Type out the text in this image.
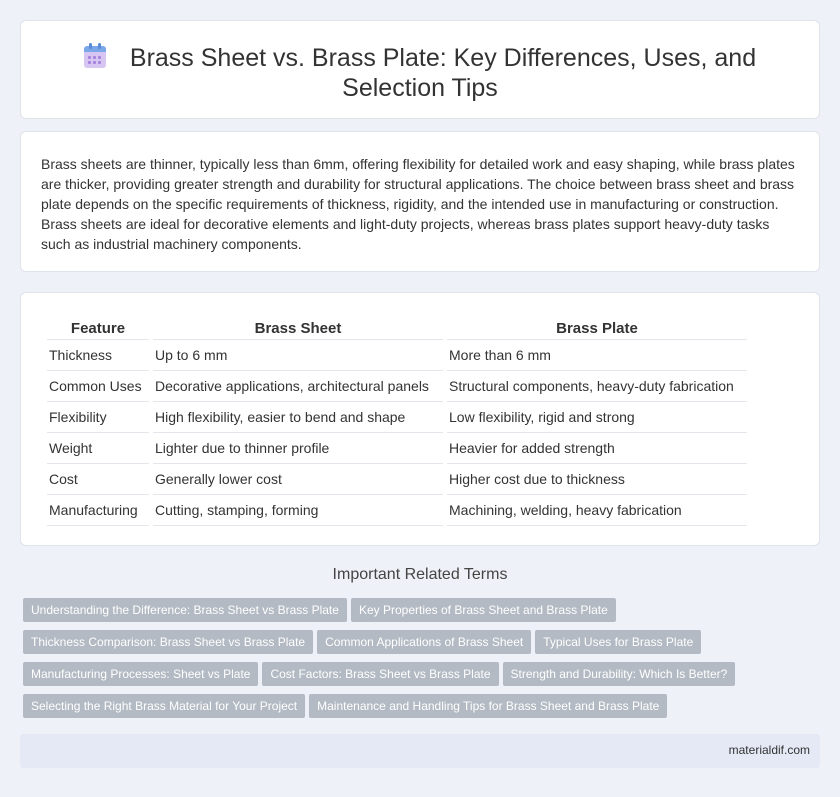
Brass Sheet vs. Brass Plate: Key Differences, Uses, and Selection Tips

Brass sheets are thinner, typically less than 6mm, offering flexibility for detailed work and easy shaping, while brass plates are thicker, providing greater strength and durability for structural applications. The choice between brass sheet and brass plate depends on the specific requirements of thickness, rigidity, and the intended use in manufacturing or construction. Brass sheets are ideal for decorative elements and light-duty projects, whereas brass plates support heavy-duty tasks such as industrial machinery components.

Feature	Brass Sheet	Brass Plate
Thickness	Up to 6 mm	More than 6 mm
Common Uses	Decorative applications, architectural panels	Structural components, heavy-duty fabrication
Flexibility	High flexibility, easier to bend and shape	Low flexibility, rigid and strong
Weight	Lighter due to thinner profile	Heavier for added strength
Cost	Generally lower cost	Higher cost due to thickness
Manufacturing	Cutting, stamping, forming	Machining, welding, heavy fabrication
Important Related Terms
Understanding the Difference: Brass Sheet vs Brass Plate Key Properties of Brass Sheet and Brass Plate
Thickness Comparison: Brass Sheet vs Brass Plate Common Applications of Brass Sheet Typical Uses for Brass Plate
Manufacturing Processes: Sheet vs Plate Cost Factors: Brass Sheet vs Brass Plate Strength and Durability: Which Is Better?
Selecting the Right Brass Material for Your Project Maintenance and Handling Tips for Brass Sheet and Brass Plate
materialdif.com
